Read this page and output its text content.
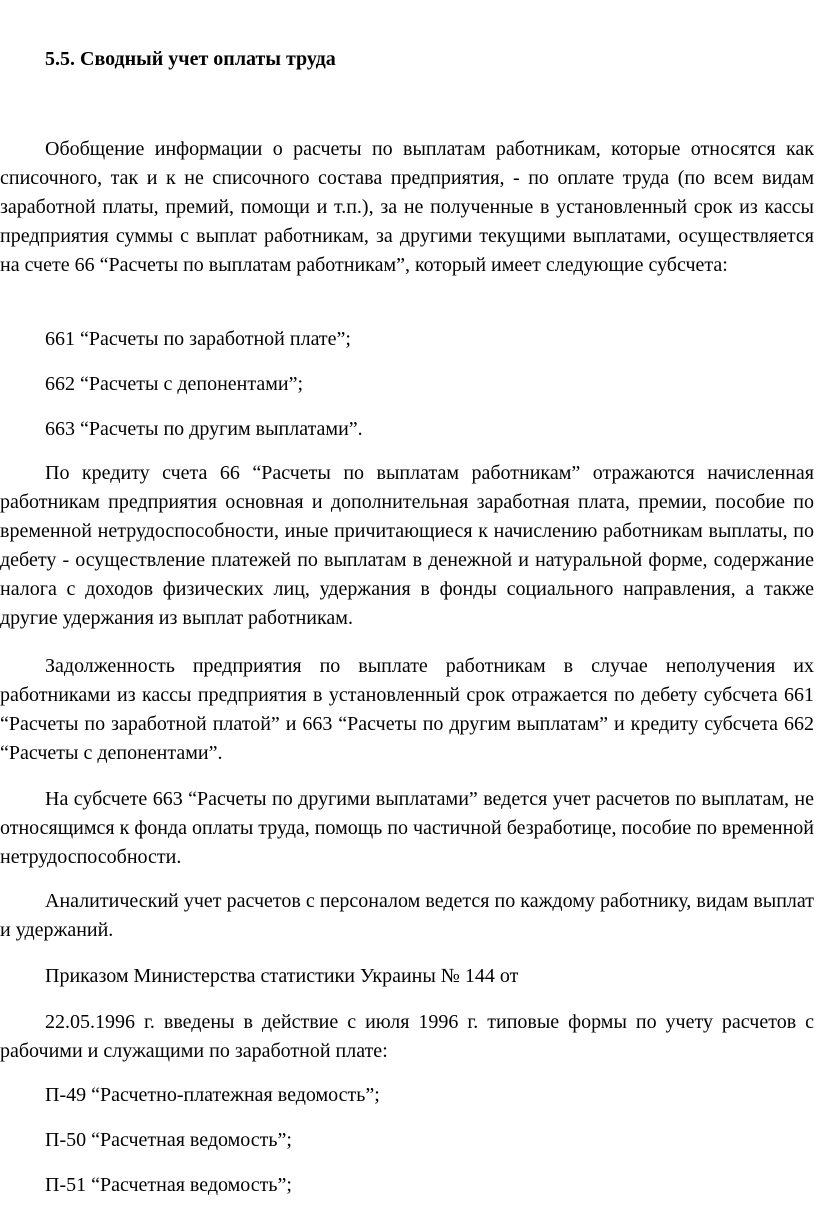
5.5. Сводный учет оплаты труда

Обобщение информации о расчеты по выплатам работникам, которые относятся как списочного, так и к не списочного состава предприятия, - по оплате труда (по всем видам заработной платы, премий, помощи и т.п.), за не полученные в установленный срок из кассы предприятия суммы с выплат работникам, за другими текущими выплатами, осуществляется на счете 66 “Расчеты по выплатам работникам”, который имеет следующие субсчета:

661 “Расчеты по заработной плате”;

662 “Расчеты с депонентами”;

663 “Расчеты по другим выплатами”.

По кредиту счета 66 “Расчеты по выплатам работникам” отражаются начисленная работникам предприятия основная и дополнительная заработная плата, премии, пособие по временной нетрудоспособности, иные причитающиеся к начислению работникам выплаты, по дебету - осуществление платежей по выплатам в денежной и натуральной форме, содержание налога с доходов физических лиц, удержания в фонды социального направления, а также другие удержания из выплат работникам.

Задолженность предприятия по выплате работникам в случае неполучения их работниками из кассы предприятия в установленный срок отражается по дебету субсчета 661 “Расчеты по заработной платой” и 663 “Расчеты по другим выплатам” и кредиту субсчета 662 “Расчеты с депонентами”.

На субсчете 663 “Расчеты по другими выплатами” ведется учет расчетов по выплатам, не относящимся к фонда оплаты труда, помощь по частичной безработице, пособие по временной нетрудоспособности.

Аналитический учет расчетов с персоналом ведется по каждому работнику, видам выплат и удержаний.

Приказом Министерства статистики Украины № 144 от

22.05.1996 г. введены в действие с июля 1996 г. типовые формы по учету расчетов с рабочими и служащими по заработной плате:

П-49 “Расчетно-платежная ведомость”;

П-50 “Расчетная ведомость”;

П-51 “Расчетная ведомость”;
